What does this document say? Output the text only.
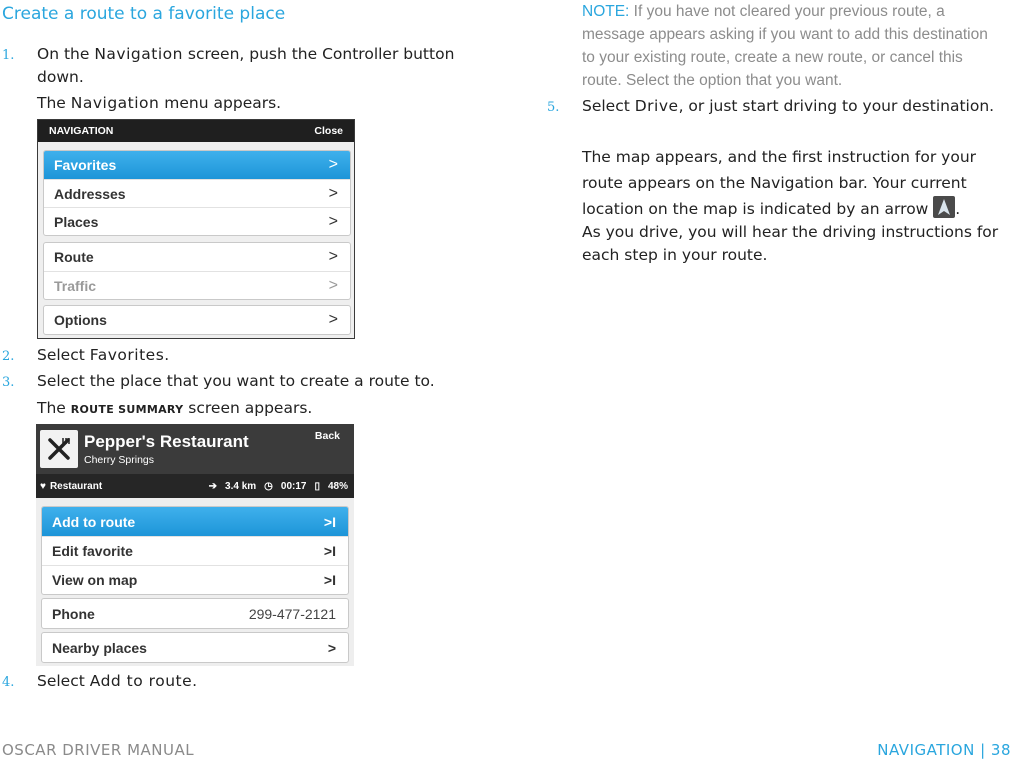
Create a route to a favorite place
1. On the Navigation screen, push the Controller button down.
The Navigation menu appears.
NAVIGATION	Close
Favorites	>
Addresses	>
Places	>
Route	>
Traffic	>
Options	>
2. Select Favorites.
3. Select the place that you want to create a route to.
The ROUTE SUMMARY screen appears.
Pepper's Restaurant
Cherry Springs
Back
♥ Restaurant	➔ 3.4 km ◷ 00:17 ▯ 48%
Add to route	>I
Edit favorite	>I
View on map	>I
Phone	299-477-2121
Nearby places	>
4. Select Add to route.
NOTE: If you have not cleared your previous route, a message appears asking if you want to add this destination to your existing route, create a new route, or cancel this route. Select the option that you want.
5. Select Drive, or just start driving to your destination.
The map appears, and the first instruction for your route appears on the Navigation bar. Your current location on the map is indicated by an arrow .
As you drive, you will hear the driving instructions for each step in your route.
OSCAR DRIVER MANUAL	NAVIGATION | 38
